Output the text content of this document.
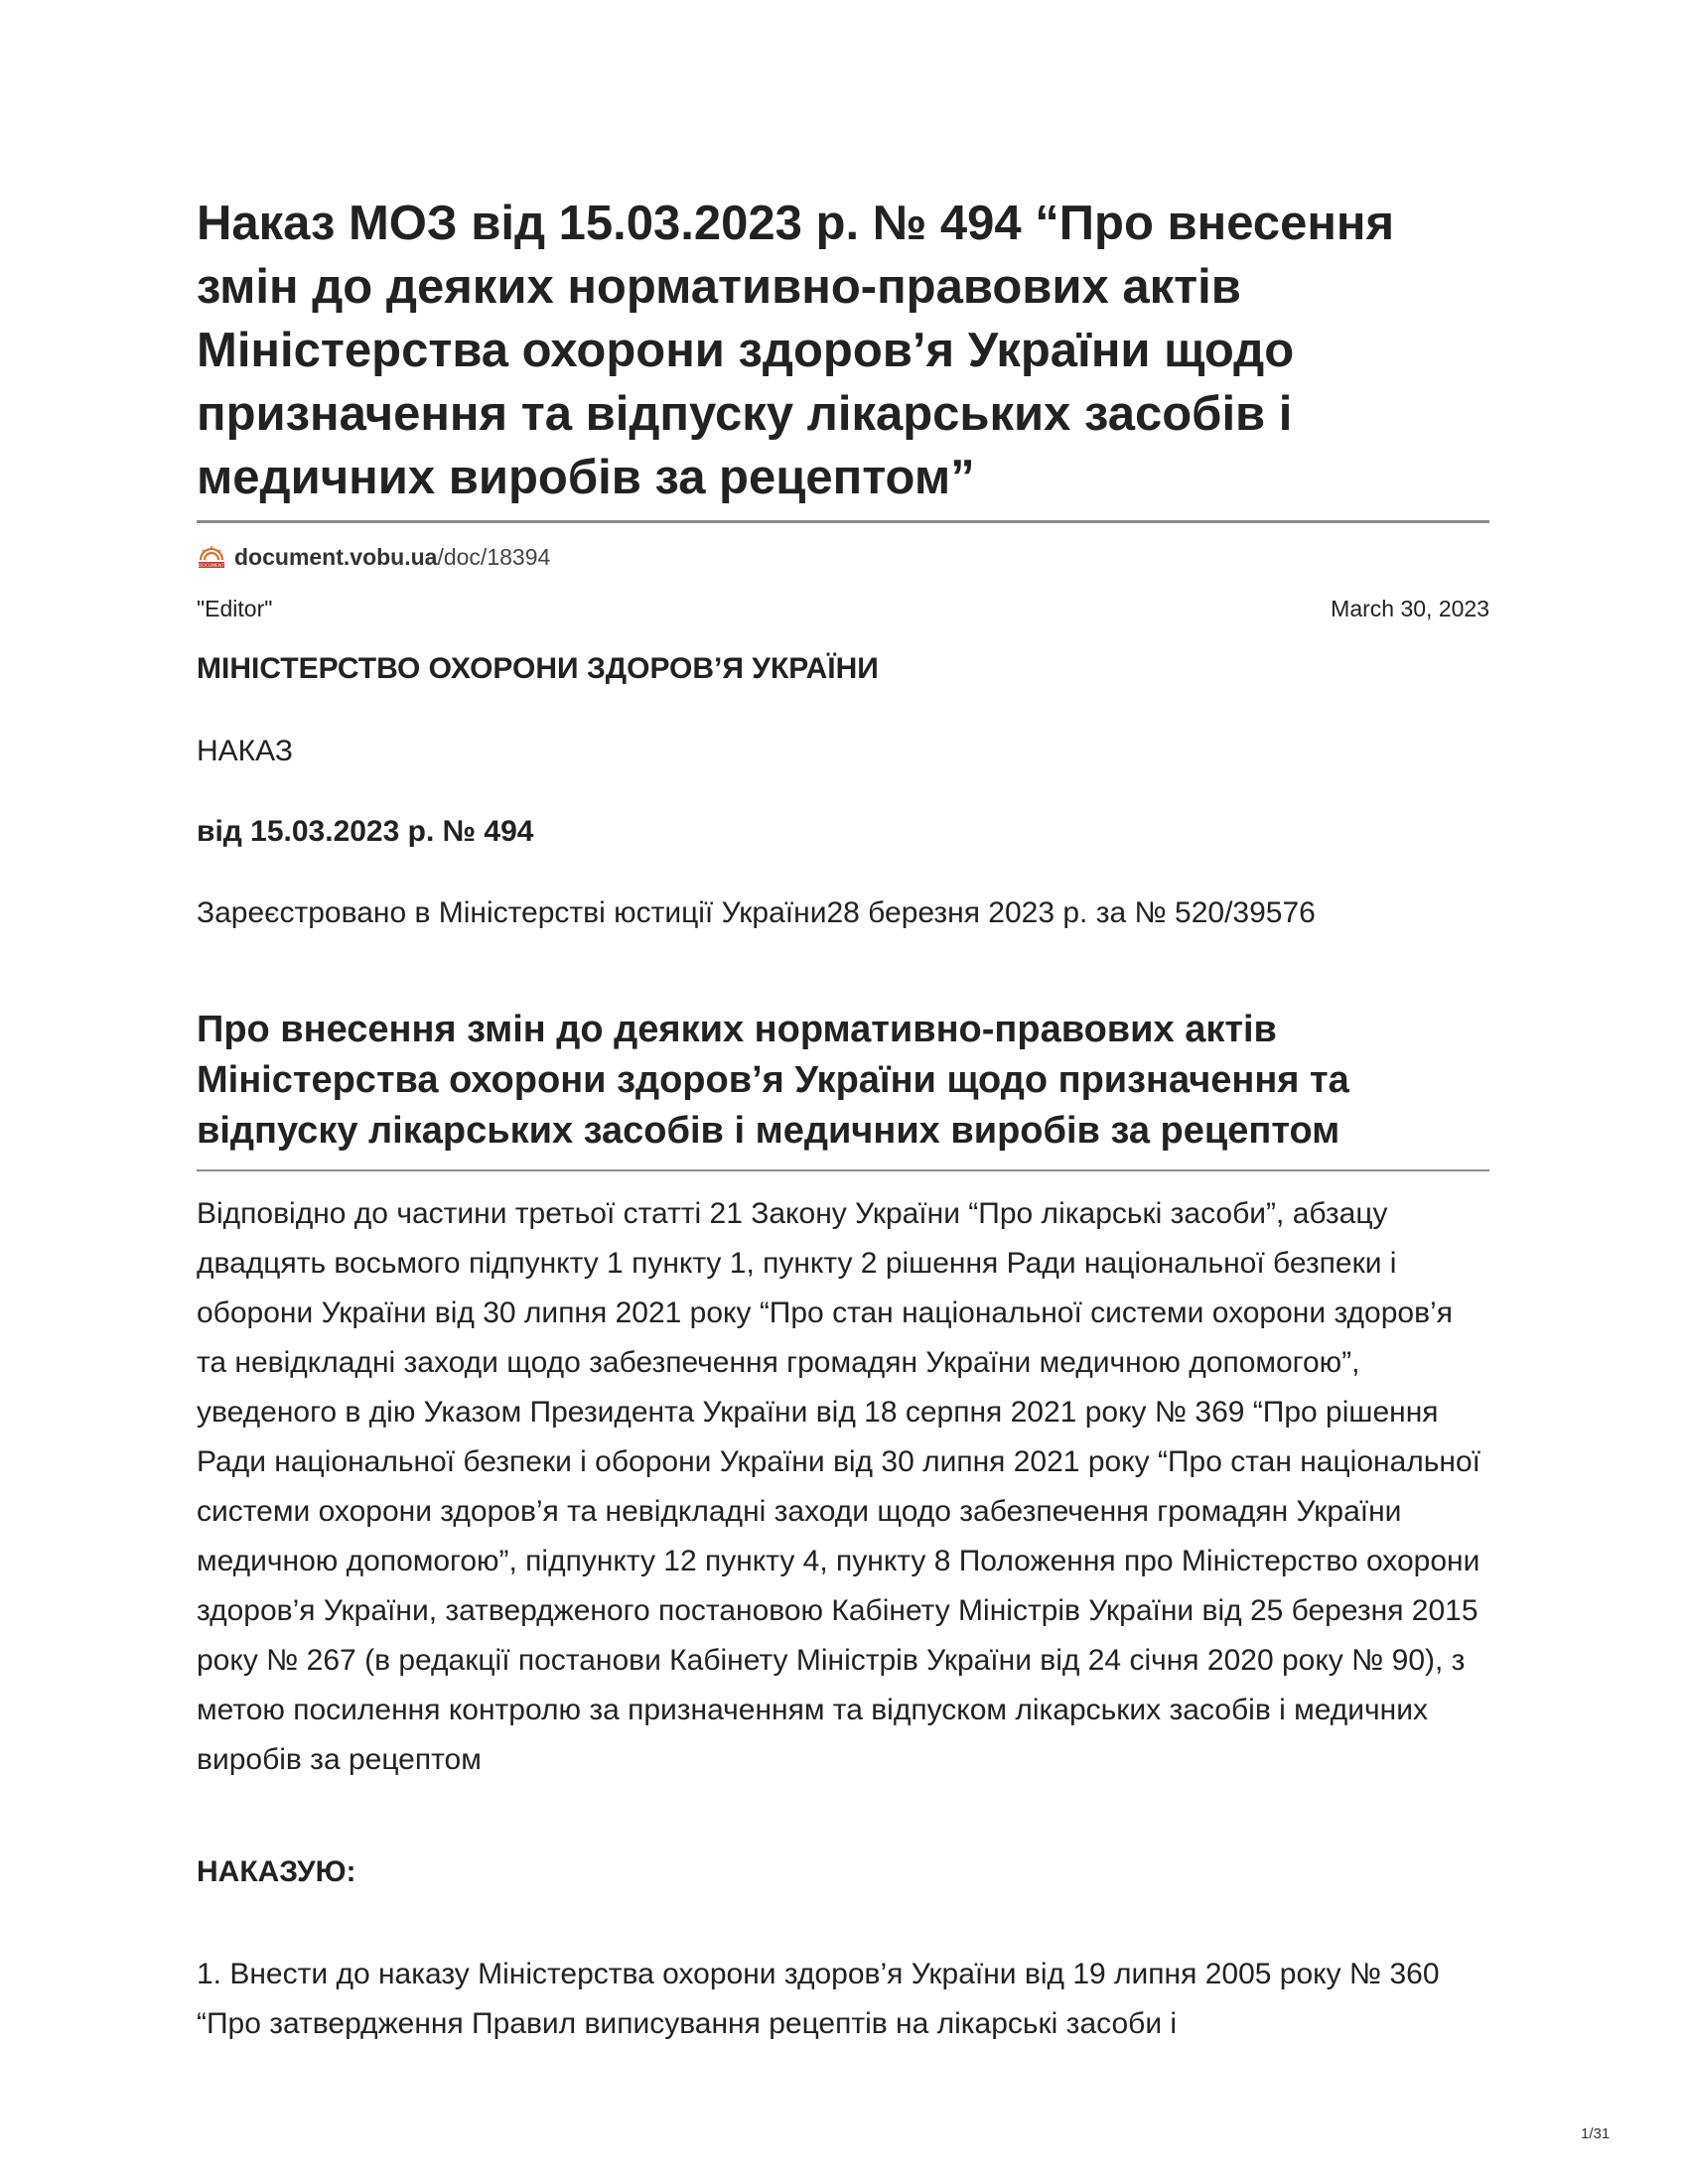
Наказ МОЗ від 15.03.2023 р. № 494 “Про внесення змін до деяких нормативно-правових актів Міністерства охорони здоров’я України щодо призначення та відпуску лікарських засобів і медичних виробів за рецептом”
DOCUMENT document.vobu.ua /doc/18394
"Editor"	March 30, 2023

МІНІСТЕРСТВО ОХОРОНИ ЗДОРОВ’Я УКРАЇНИ

НАКАЗ

від 15.03.2023 р. № 494

Зареєстровано в Міністерстві юстиції України28 березня 2023 р. за № 520/39576

Про внесення змін до деяких нормативно-правових актів Міністерства охорони здоров’я України щодо призначення та відпуску лікарських засобів і медичних виробів за рецептом

Відповідно до частини третьої статті 21 Закону України “Про лікарські засоби”, абзацу двадцять восьмого підпункту 1 пункту 1, пункту 2 рішення Ради національної безпеки і оборони України від 30 липня 2021 року “Про стан національної системи охорони здоров’я та невідкладні заходи щодо забезпечення громадян України медичною допомогою”, уведеного в дію Указом Президента України від 18 серпня 2021 року № 369 “Про рішення Ради національної безпеки і оборони України від 30 липня 2021 року “Про стан національної системи охорони здоров’я та невідкладні заходи щодо забезпечення громадян України медичною допомогою”, підпункту 12 пункту 4, пункту 8 Положення про Міністерство охорони здоров’я України, затвердженого постановою Кабінету Міністрів України від 25 березня 2015 року № 267 (в редакції постанови Кабінету Міністрів України від 24 січня 2020 року № 90), з метою посилення контролю за призначенням та відпуском лікарських засобів і медичних виробів за рецептом

НАКАЗУЮ:

1. Внести до наказу Міністерства охорони здоров’я України від 19 липня 2005 року № 360 “Про затвердження Правил виписування рецептів на лікарські засоби і

1/31
